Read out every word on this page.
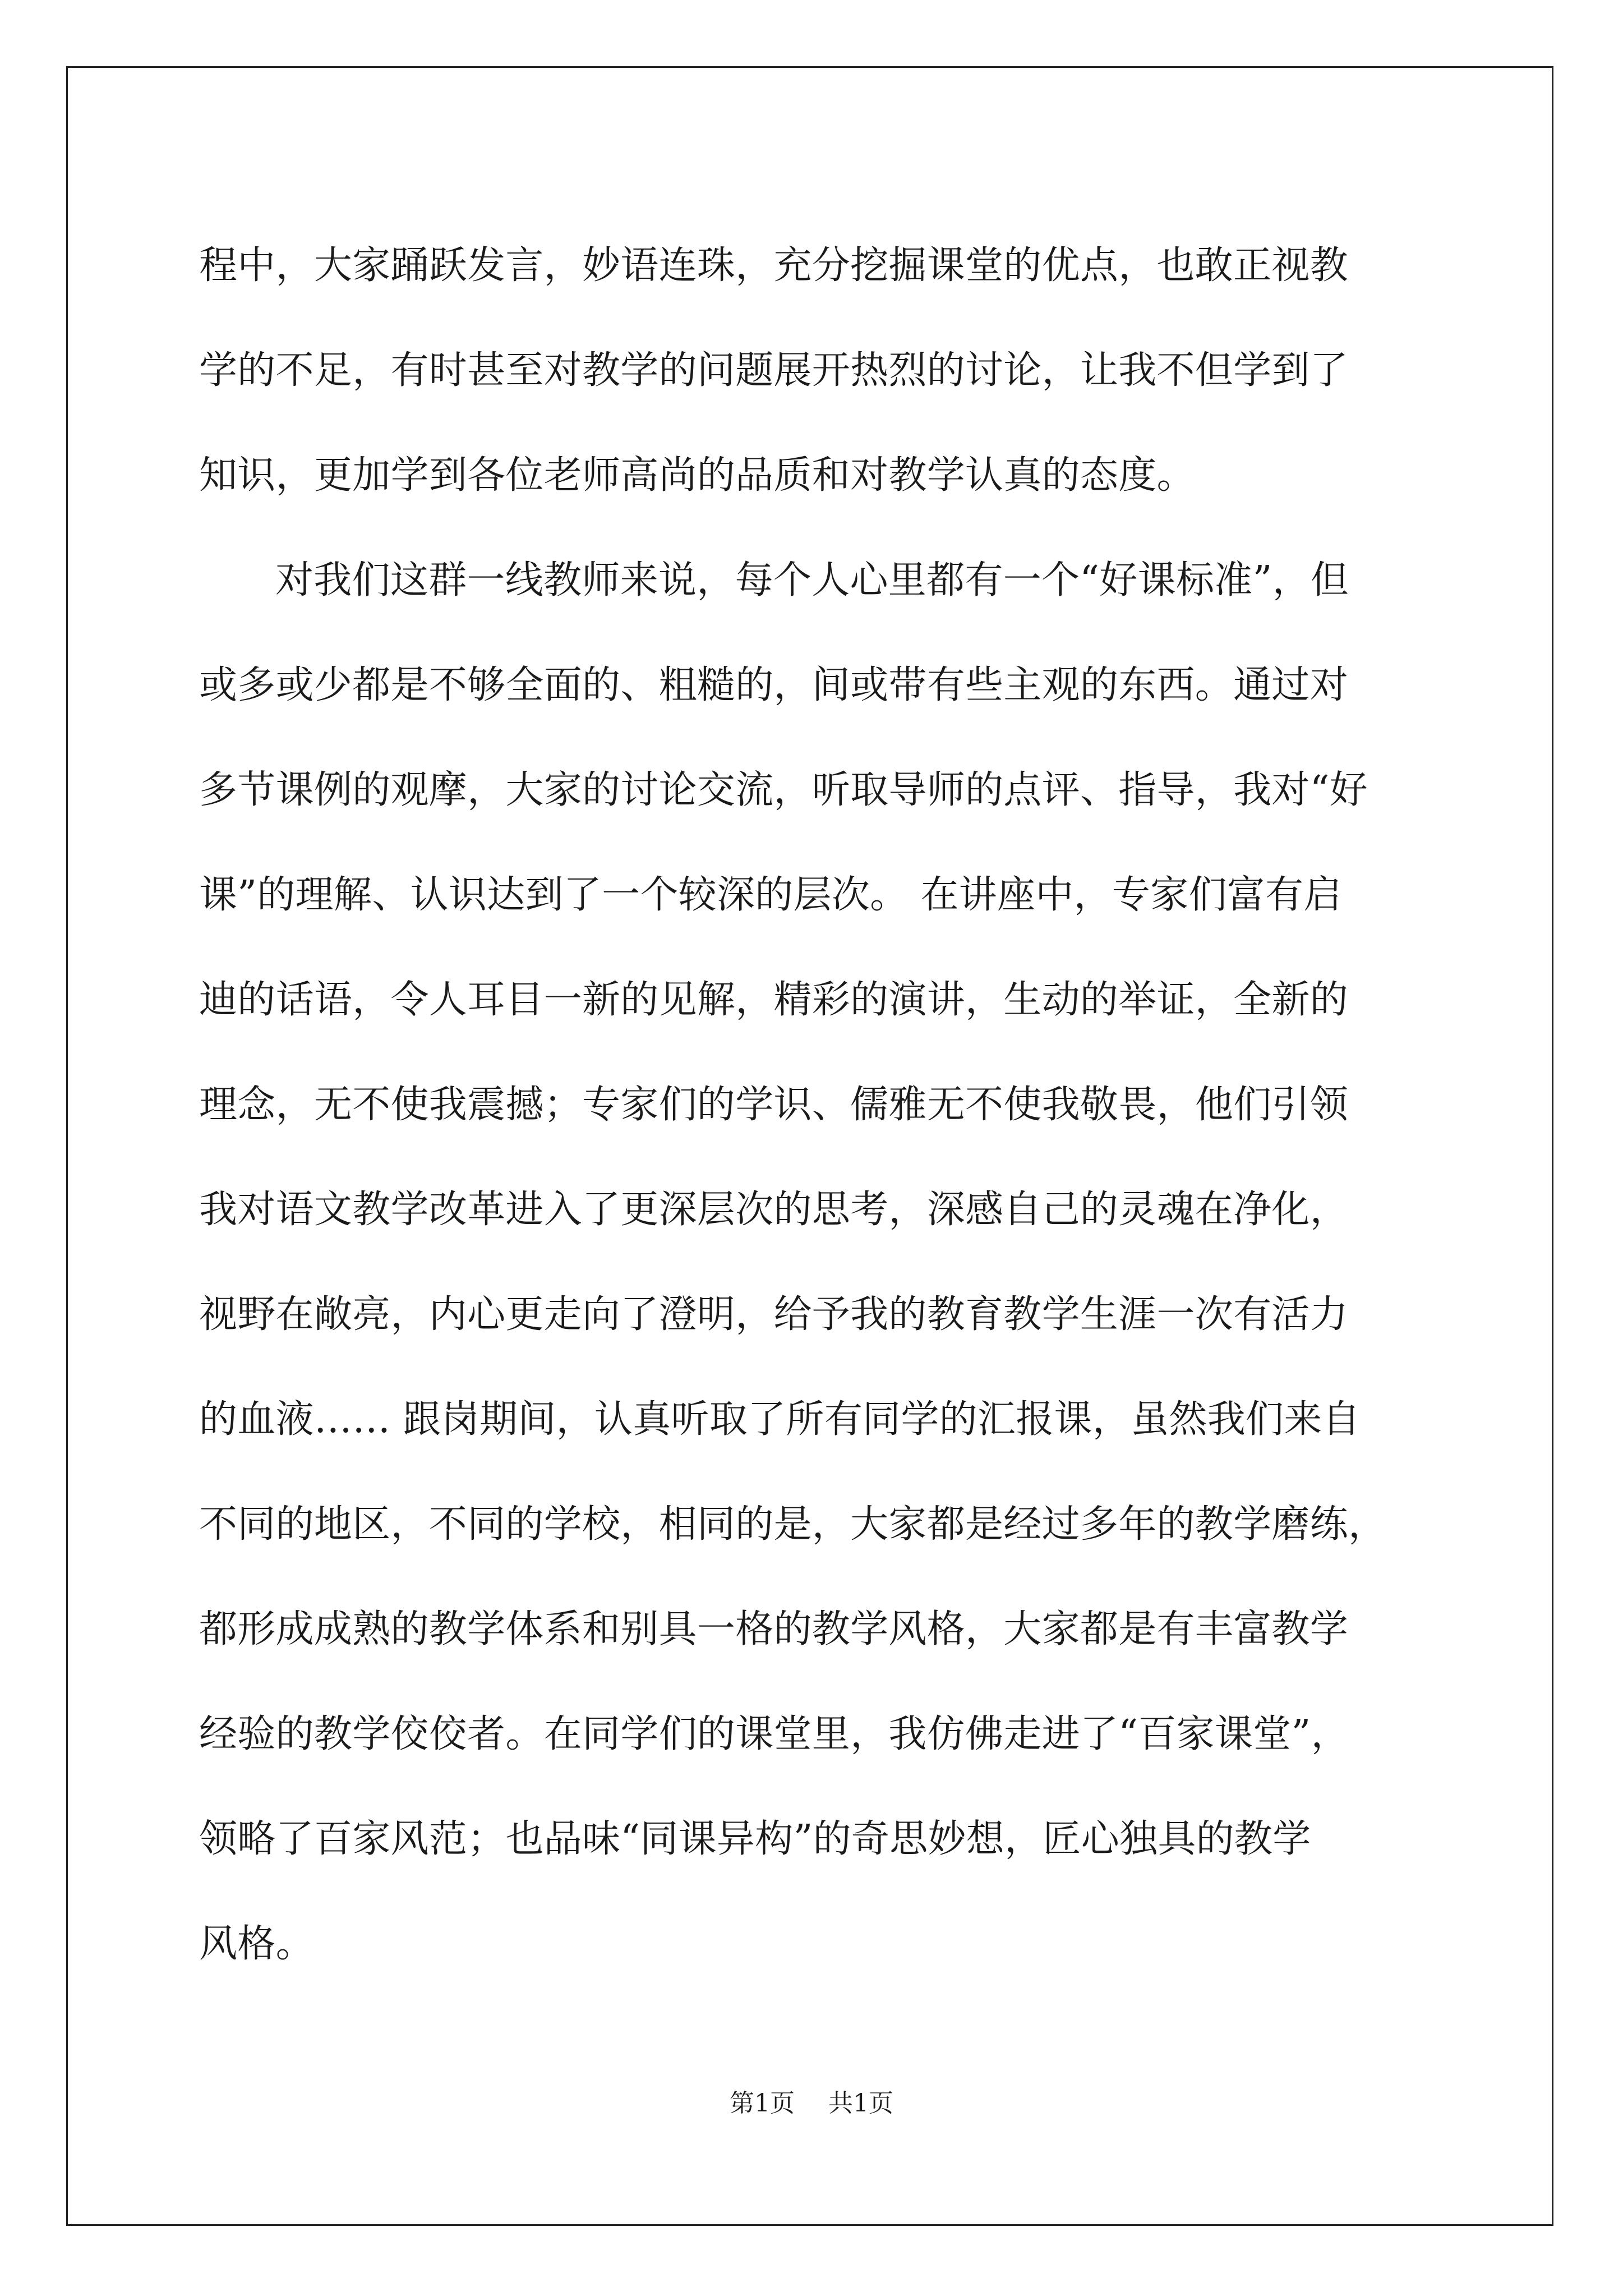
程中，大家踊跃发言，妙语连珠，充分挖掘课堂的优点，也敢正视教
学的不足，有时甚至对教学的问题展开热烈的讨论，让我不但学到了
知识，更加学到各位老师高尚的品质和对教学认真的态度。
对我们这群一线教师来说，每个人心里都有一个“好课标准”，但
或多或少都是不够全面的、粗糙的，间或带有些主观的东西。通过对
多节课例的观摩，大家的讨论交流，听取导师的点评、指导，我对“好
课”的理解、认识达到了一个较深的层次。 在讲座中，专家们富有启
迪的话语，令人耳目一新的见解，精彩的演讲，生动的举证，全新的
理念，无不使我震撼；专家们的学识、儒雅无不使我敬畏，他们引领
我对语文教学改革进入了更深层次的思考，深感自己的灵魂在净化，
视野在敞亮，内心更走向了澄明，给予我的教育教学生涯一次有活力
的血液…… 跟岗期间，认真听取了所有同学的汇报课，虽然我们来自
不同的地区，不同的学校，相同的是，大家都是经过多年的教学磨练，
都形成成熟的教学体系和别具一格的教学风格，大家都是有丰富教学
经验的教学佼佼者。在同学们的课堂里，我仿佛走进了“百家课堂”，
领略了百家风范；也品味“同课异构”的奇思妙想，匠心独具的教学
风格。
第1页 共1页
